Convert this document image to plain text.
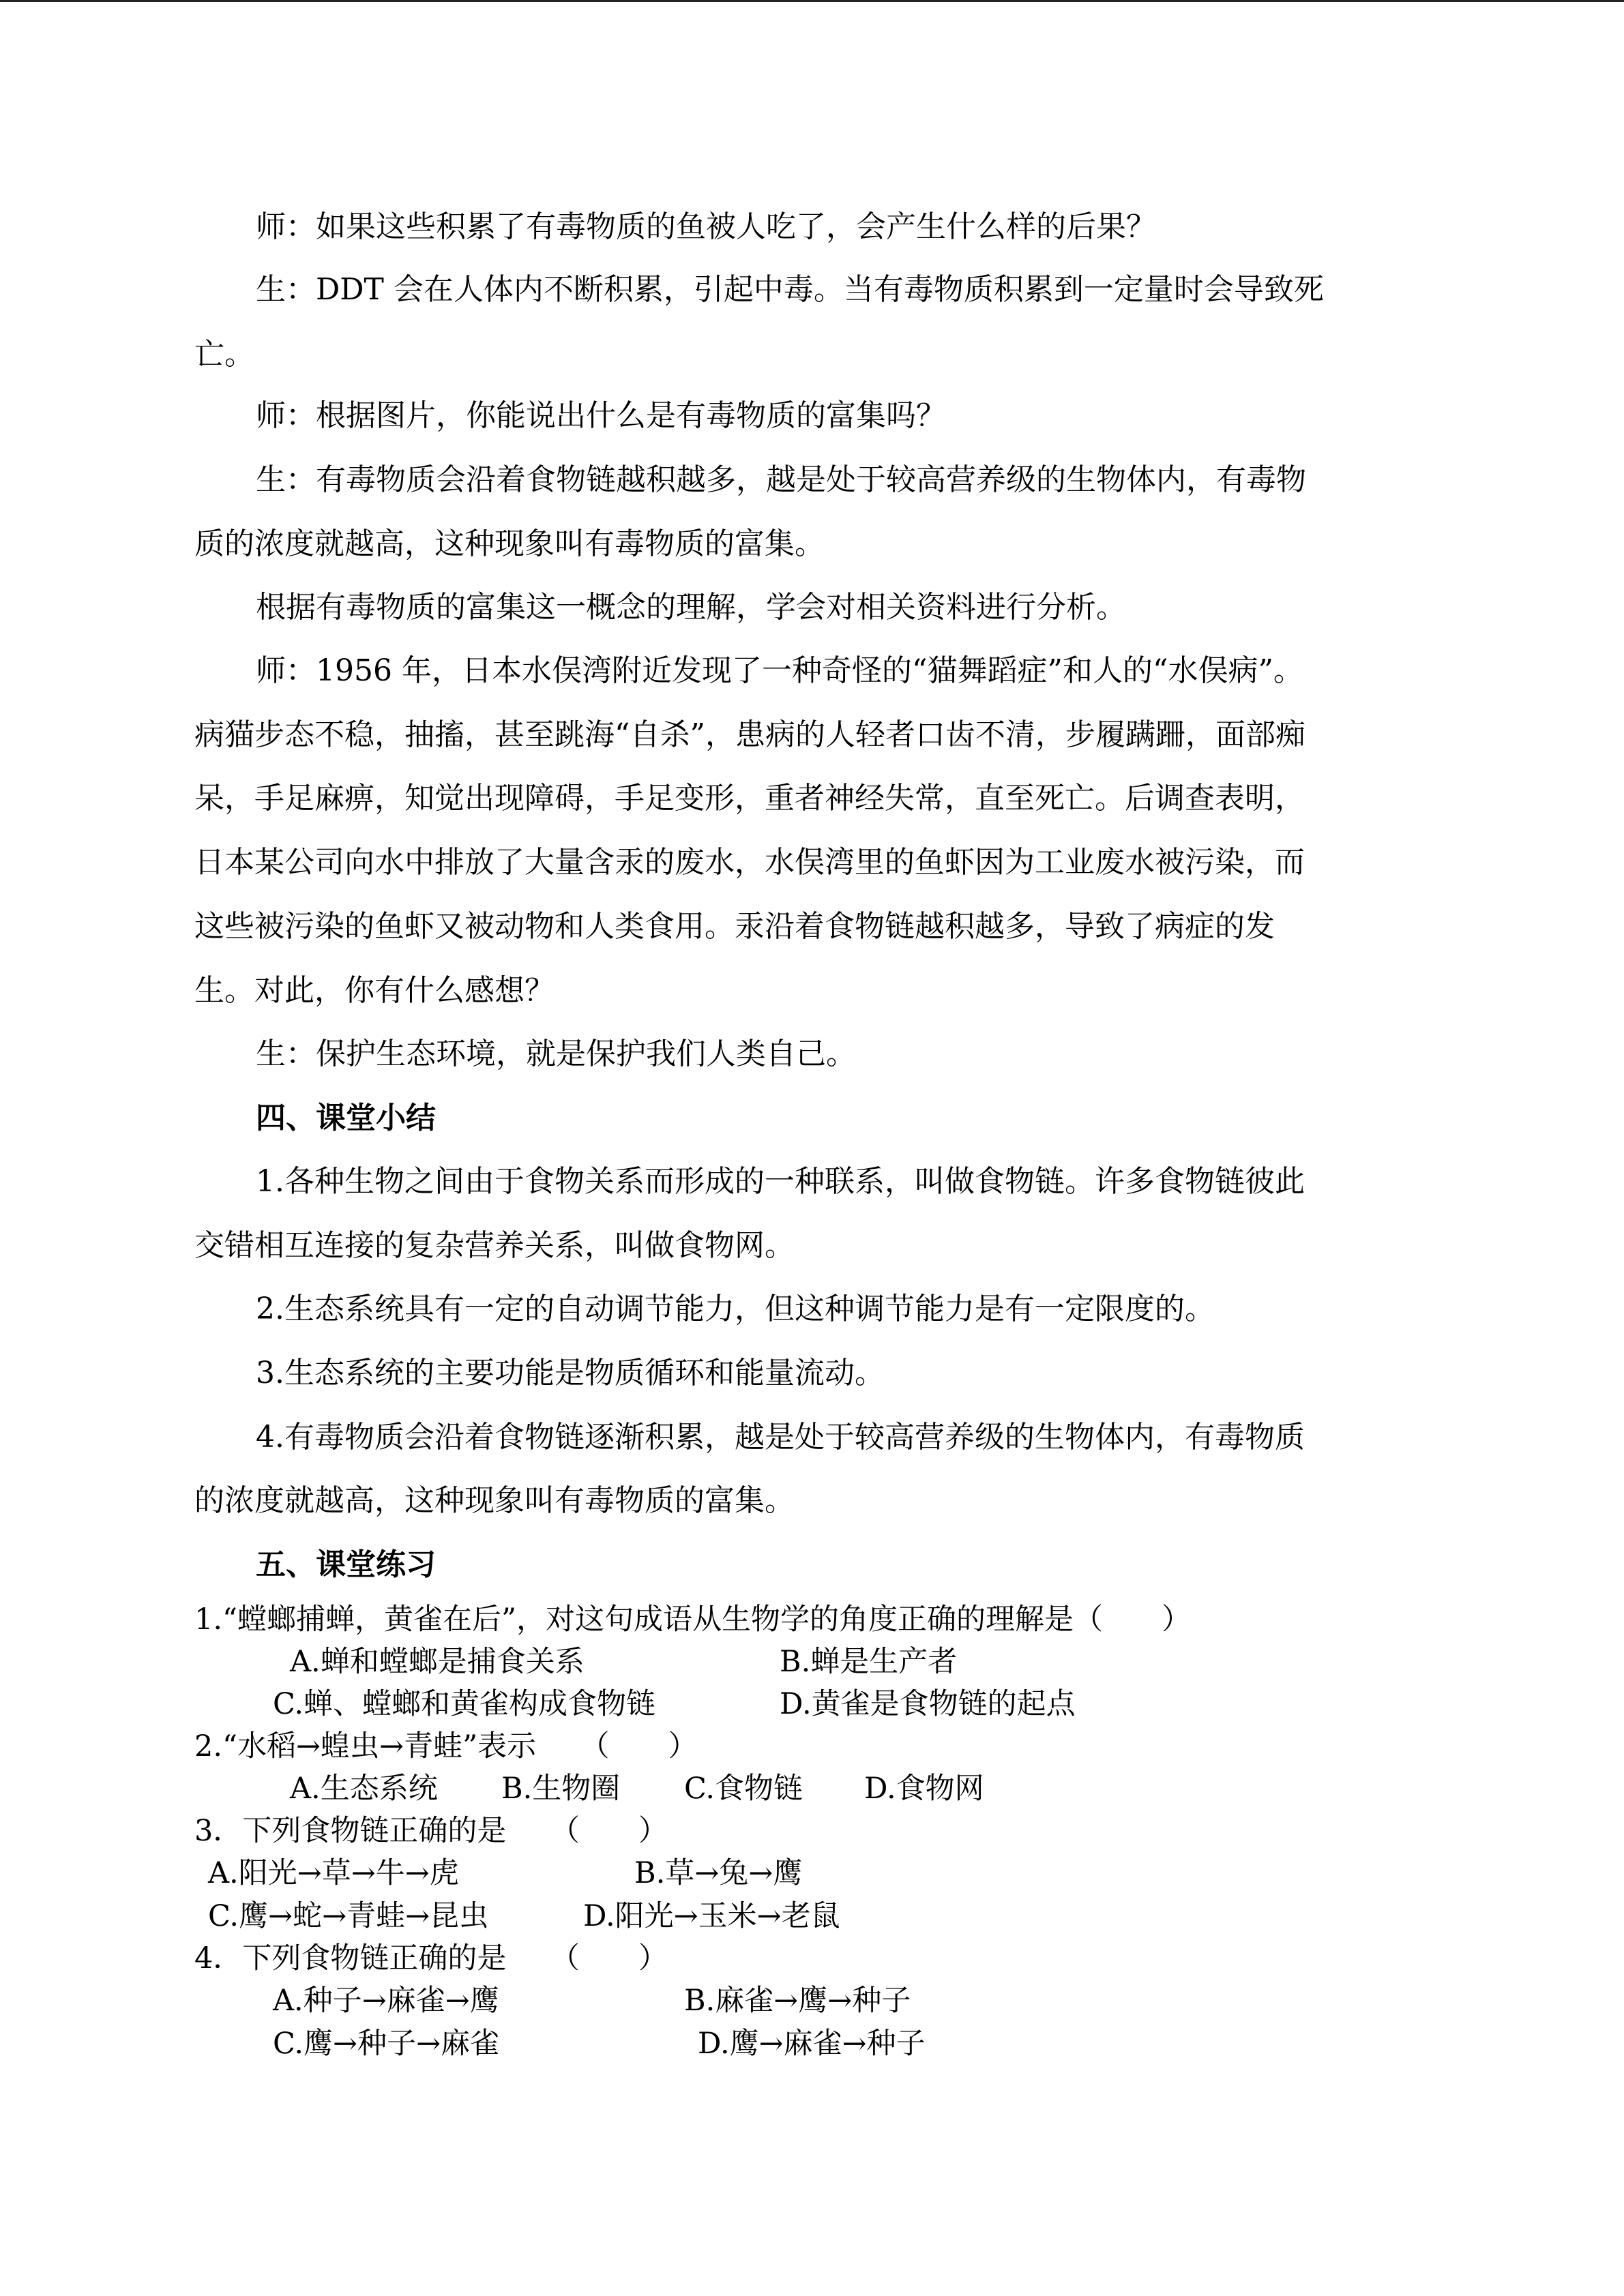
师：如果这些积累了有毒物质的鱼被人吃了，会产生什么样的后果？
生：DDT 会在人体内不断积累，引起中毒。当有毒物质积累到一定量时会导致死
亡。
师：根据图片，你能说出什么是有毒物质的富集吗？
生：有毒物质会沿着食物链越积越多，越是处于较高营养级的生物体内，有毒物
质的浓度就越高，这种现象叫有毒物质的富集。
根据有毒物质的富集这一概念的理解，学会对相关资料进行分析。
师：1956 年，日本水俣湾附近发现了一种奇怪的“猫舞蹈症”和人的“水俣病”。
病猫步态不稳，抽搐，甚至跳海“自杀”，患病的人轻者口齿不清，步履蹒跚，面部痴
呆，手足麻痹，知觉出现障碍，手足变形，重者神经失常，直至死亡。后调查表明，
日本某公司向水中排放了大量含汞的废水，水俣湾里的鱼虾因为工业废水被污染，而
这些被污染的鱼虾又被动物和人类食用。汞沿着食物链越积越多，导致了病症的发
生。对此，你有什么感想？
生：保护生态环境，就是保护我们人类自己。
四、课堂小结
1.各种生物之间由于食物关系而形成的一种联系，叫做食物链。许多食物链彼此
交错相互连接的复杂营养关系，叫做食物网。
2.生态系统具有一定的自动调节能力，但这种调节能力是有一定限度的。
3.生态系统的主要功能是物质循环和能量流动。
4.有毒物质会沿着食物链逐渐积累，越是处于较高营养级的生物体内，有毒物质
的浓度就越高，这种现象叫有毒物质的富集。
五、课堂练习
1.“螳螂捕蝉，黄雀在后”，对这句成语从生物学的角度正确的理解是（　　）
A.蝉和螳螂是捕食关系	B.蝉是生产者
C.蝉、螳螂和黄雀构成食物链	D.黄雀是食物链的起点
2.“水稻→蝗虫→青蛙”表示　　（　　）
A.生态系统 B.生物圈 C.食物链 D.食物网
3．下列食物链正确的是　　（　　）
A.阳光→草→牛→虎	B.草→兔→鹰
C.鹰→蛇→青蛙→昆虫	D.阳光→玉米→老鼠
4．下列食物链正确的是　　（　　）
A.种子→麻雀→鹰	B.麻雀→鹰→种子
C.鹰→种子→麻雀	D.鹰→麻雀→种子
